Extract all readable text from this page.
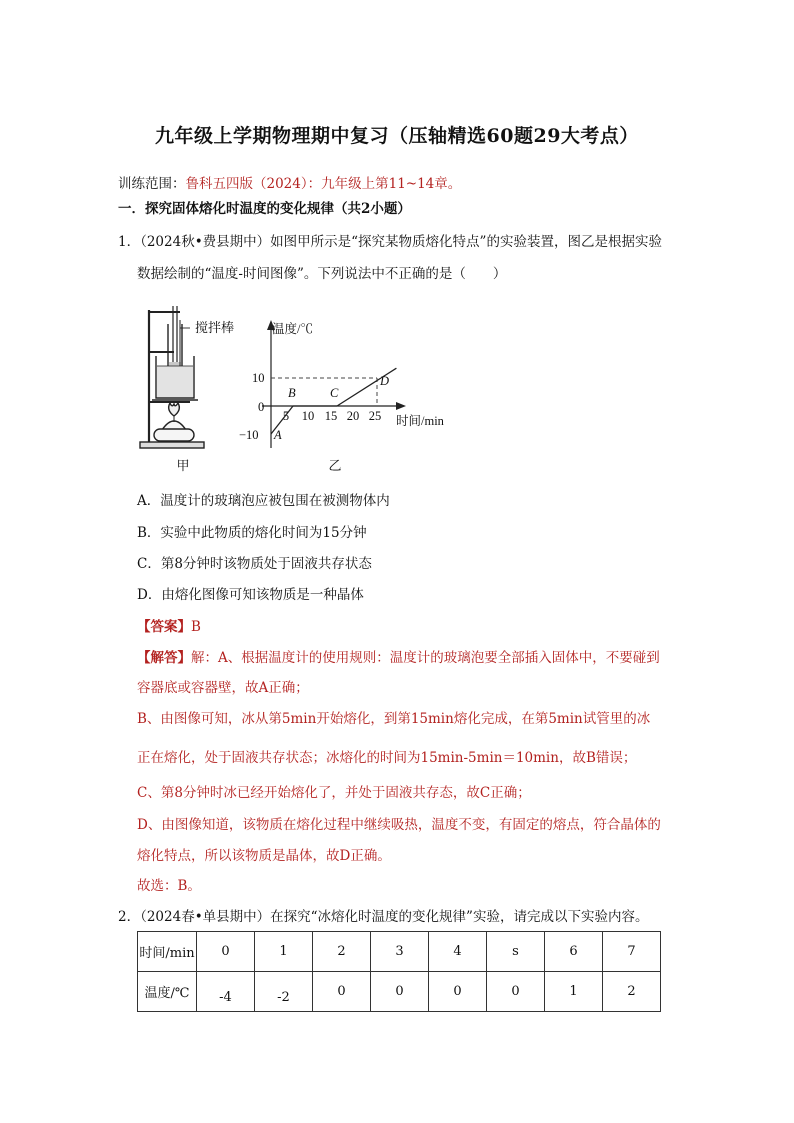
九年级上学期物理期中复习（压轴精选60题29大考点）
训练范围：鲁科五四版（2024）：九年级上第11~14章。
一．探究固体熔化时温度的变化规律（共2小题）
1．（2024秋•费县期中）如图甲所示是“探究某物质熔化特点”的实验装置，图乙是根据实验
数据绘制的“温度-时间图像”。下列说法中不正确的是（　　）
搅拌棒
甲
温度/℃
时间/min
10
0
−10
5 10 15 20 25
A
B	C
D
乙
A．温度计的玻璃泡应被包围在被测物体内
B．实验中此物质的熔化时间为15分钟
C．第8分钟时该物质处于固液共存状态
D．由熔化图像可知该物质是一种晶体
【答案】B
【解答】解：A、根据温度计的使用规则：温度计的玻璃泡要全部插入固体中，不要碰到
容器底或容器壁，故A正确；
B、由图像可知，冰从第5min开始熔化，到第15min熔化完成，在第5min试管里的冰
正在熔化，处于固液共存状态；冰熔化的时间为15min-5min＝10min，故B错误；
C、第8分钟时冰已经开始熔化了，并处于固液共存态，故C正确；
D、由图像知道，该物质在熔化过程中继续吸热，温度不变，有固定的熔点，符合晶体的
熔化特点，所以该物质是晶体，故D正确。
故选：B。
2．（2024春•单县期中）在探究“冰熔化时温度的变化规律”实验，请完成以下实验内容。
时间/min	0	1	2	3	4	s	6	7
温度/℃	-4	-2	0	0	0	0	1	2
